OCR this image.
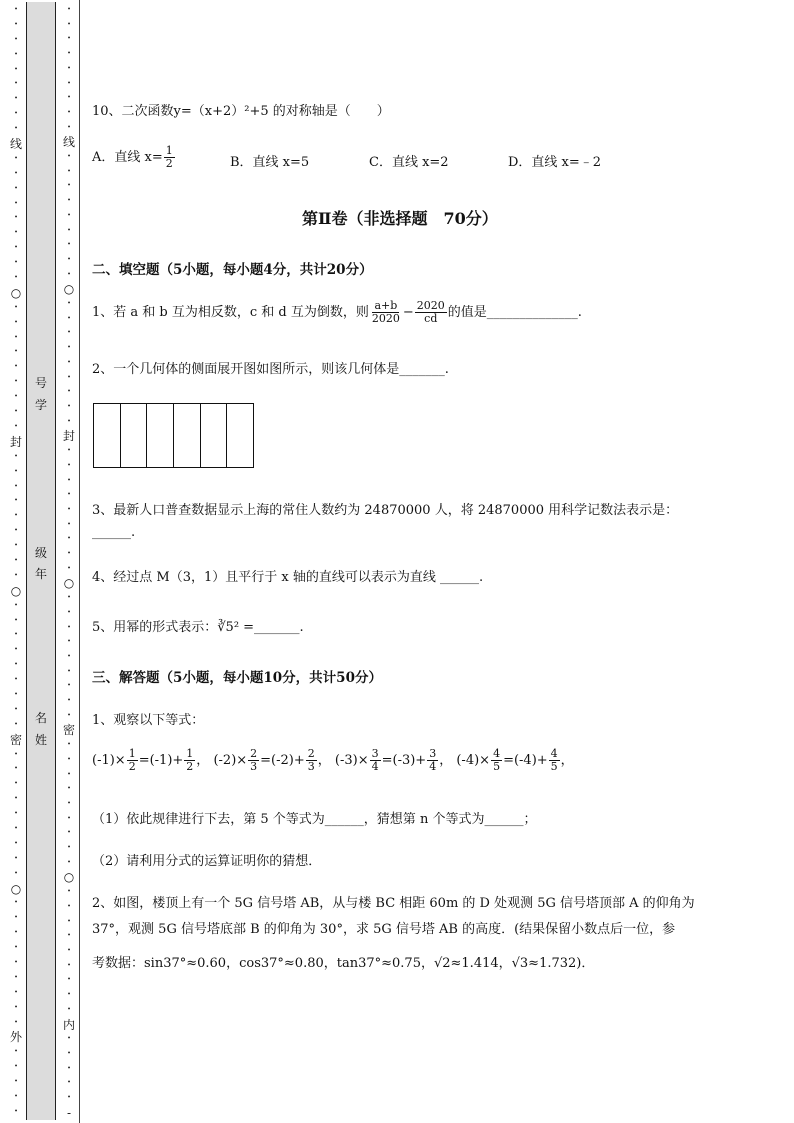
•
•
•
•
•
•
•
•
•
线
•
•
•
•
•
•
•
•
•
○
•
•
•
•
•
•
•
•
•
封
•
•
•
•
•
•
•
•
•
○
•
•
•
•
•
•
•
•
•
密
•
•
•
•
•
•
•
•
•
○
•
•
•
•
•
•
•
•
•
外
•
•
•
•
•
号
学
级
年
名
姓
•
•
•
•
•
•
•
•
•
线
•
•
•
•
•
•
•
•
•
○
•
•
•
•
•
•
•
•
•
封
•
•
•
•
•
•
•
•
•
○
•
•
•
•
•
•
•
•
•
密
•
•
•
•
•
•
•
•
•
○
•
•
•
•
•
•
•
•
•
内
•
•
•
•
•
-
10、二次函数y=（x+2）²+5 的对称轴是（　　）
A．直线 $x= \frac{1}{2}$	B．直线 x=5	C．直线 x=2	D．直线 x=﹣2
第Ⅱ卷（非选择题　70分）
二、填空题（5小题，每小题4分，共计20分）
1、若 a 和 b 互为相反数，c 和 d 互为倒数，则 $\frac{a+b}{2020} - \frac{2020}{cd}$ 的值是______________.
2、一个几何体的侧面展开图如图所示，则该几何体是_______.
3、最新人口普查数据显示上海的常住人数约为 24870000 人，将 24870000 用科学记数法表示是：
______.
4、经过点 M（3，1）且平行于 x 轴的直线可以表示为直线 ______.
5、用幂的形式表示：∛5² =_______.
三、解答题（5小题，每小题10分，共计50分）
1、观察以下等式：
$(-1)\times \frac{1}{2} =(-1)+ \frac{1}{2}$ ， $(-2)\times \frac{2}{3} =(-2)+ \frac{2}{3}$ ， $(-3)\times \frac{3}{4} =(-3)+ \frac{3}{4}$ ， $(-4)\times \frac{4}{5} =(-4)+ \frac{4}{5}$ ，
（1）依此规律进行下去，第 5 个等式为______，猜想第 n 个等式为______；
（2）请利用分式的运算证明你的猜想．
2、如图，楼顶上有一个 5G 信号塔 AB，从与楼 BC 相距 60m 的 D 处观测 5G 信号塔顶部 A 的仰角为
37°，观测 5G 信号塔底部 B 的仰角为 30°，求 5G 信号塔 AB 的高度．(结果保留小数点后一位，参
考数据：sin37°≈0.60，cos37°≈0.80，tan37°≈0.75，√2≈1.414，√3≈1.732)．
